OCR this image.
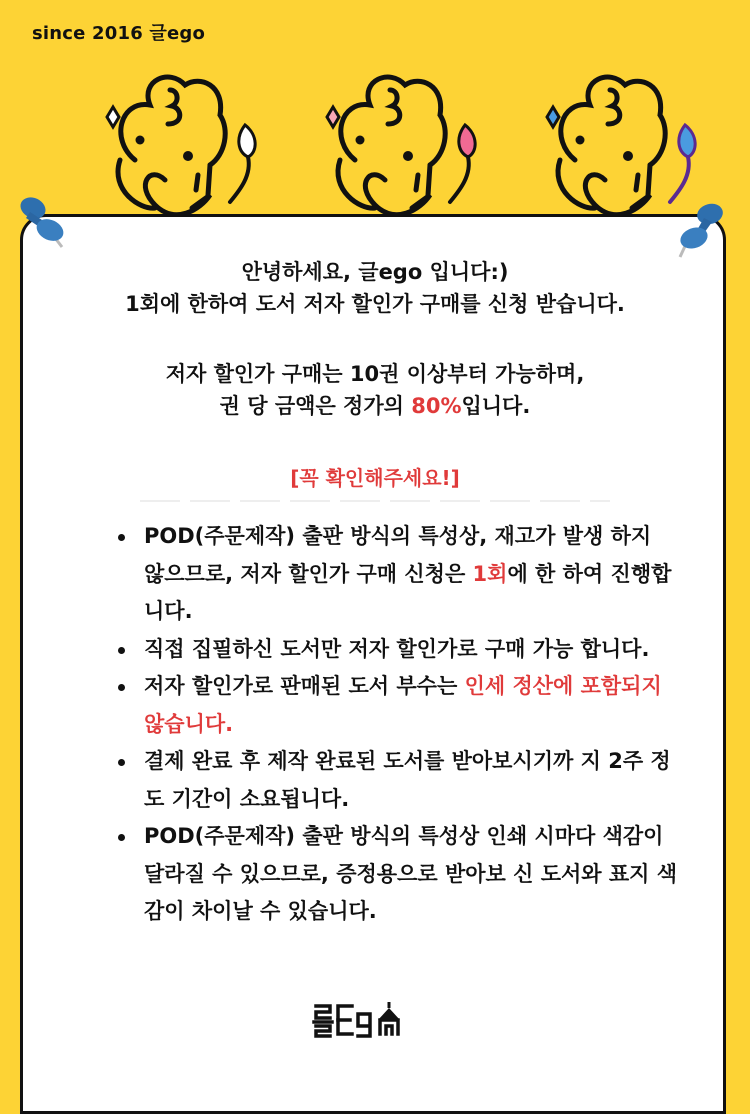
since 2016 글ego
안녕하세요, 글ego 입니다:)
1회에 한하여 도서 저자 할인가 구매를 신청 받습니다.
저자 할인가 구매는 10권 이상부터 가능하며,
권 당 금액은 정가의 80%입니다.
[꼭 확인해주세요!]
POD(주문제작) 출판 방식의 특성상, 재고가 발생 하지 않으므로, 저자 할인가 구매 신청은 1회에 한 하여 진행합니다.
직접 집필하신 도서만 저자 할인가로 구매 가능 합니다.
저자 할인가로 판매된 도서 부수는 인세 정산에 포함되지 않습니다.
결제 완료 후 제작 완료된 도서를 받아보시기까 지 2주 정도 기간이 소요됩니다.
POD(주문제작) 출판 방식의 특성상 인쇄 시마다 색감이 달라질 수 있으므로, 증정용으로 받아보 신 도서와 표지 색감이 차이날 수 있습니다.
